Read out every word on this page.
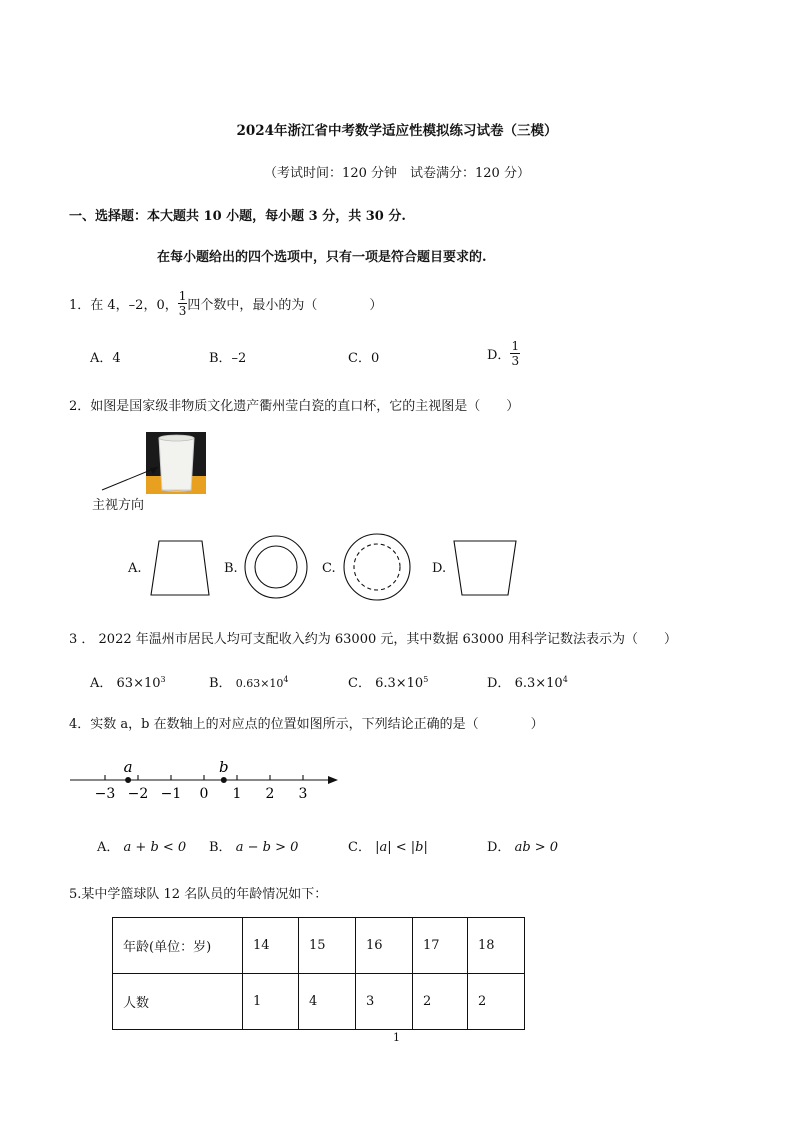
2024年浙江省中考数学适应性模拟练习试卷（三模）
（考试时间：120 分钟　试卷满分：120 分）
一、选择题：本大题共 10 小题，每小题 3 分，共 30 分.
在每小题给出的四个选项中，只有一项是符合题目要求的.
1．在 4，–2，0， $\frac{1}{3}$ 四个数中，最小的为（　　　　）
A．4	B．–2	C．0	D． $\frac{1}{3}$
2．如图是国家级非物质文化遗产衢州莹白瓷的直口杯，它的主视图是（　　）
主视方向
A.	B.	C.	D.
3 ． 2022 年温州市居民人均可支配收入约为 63000 元，其中数据 63000 用科学记数法表示为（　　）
A． $63\times 10^3$	B． $0.63\times 10^4$	C． $6.3\times 10^5$	D． $6.3\times 10^4$
4．实数 a，b 在数轴上的对应点的位置如图所示，下列结论正确的是（　　　　）
−3 −2 −1 0 1 2 3
a	b
A． a + b < 0 B． a − b > 0	C． |a| < |b|	D． ab > 0
5.某中学篮球队 12 名队员的年龄情况如下：
年龄(单位：岁)	14	15	16	17	18
人数	1	4	3	2	2
1
